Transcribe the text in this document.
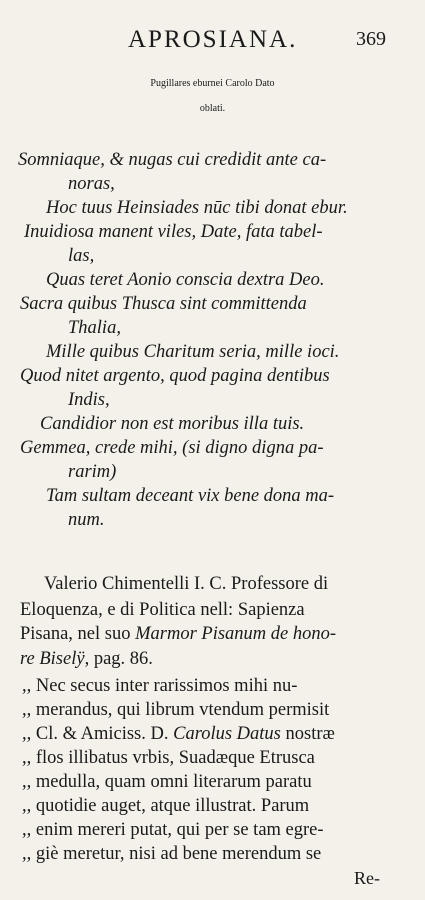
APROSIANA.	369
Pugillares eburnei Carolo Dato
oblati.
Somniaque, & nugas cui credidit ante ca-
noras,
Hoc tuus Heinsiades nūc tibi donat ebur.
Inuidiosa manent viles, Date, fata tabel-
las,
Quas teret Aonio conscia dextra Deo.
Sacra quibus Thusca sint committenda
Thalia,
Mille quibus Charitum seria, mille ioci.
Quod nitet argento, quod pagina dentibus
Indis,
Candidior non est moribus illa tuis.
Gemmea, crede mihi, (si digno digna pa-
rarim)
Tam sultam deceant vix bene dona ma-
num.
Valerio Chimentelli I. C. Professore di
Eloquenza, e di Politica nell: Sapienza
Pisana, nel suo Marmor Pisanum de hono-
re Biselÿ, pag. 86.
,, Nec secus inter rarissimos mihi nu-
,, merandus, qui librum vtendum permisit
,, Cl. & Amiciss. D. Carolus Datus nostræ
,, flos illibatus vrbis, Suadæque Etrusca
,, medulla, quam omni literarum paratu
,, quotidie auget, atque illustrat. Parum
,, enim mereri putat, qui per se tam egre-
,, giè meretur, nisi ad bene merendum se
Re-
